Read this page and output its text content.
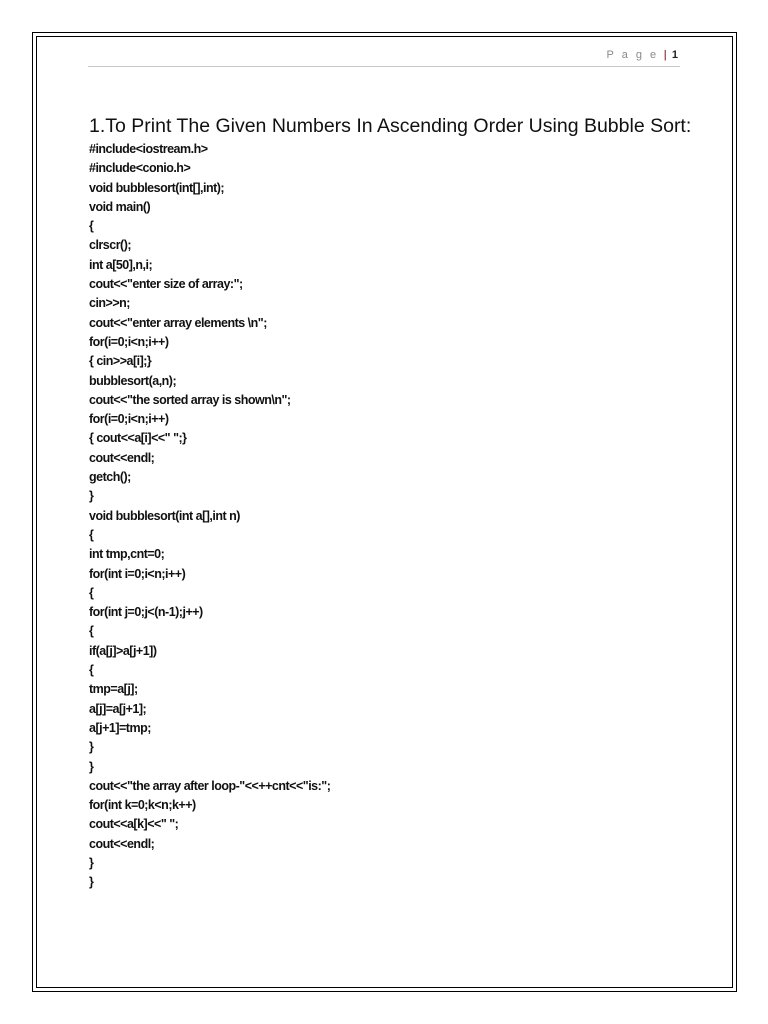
P a g e | 1
1.To Print The Given Numbers In Ascending Order Using Bubble Sort:
#include<iostream.h>
#include<conio.h>
void bubblesort(int[],int);
void main()
{
clrscr();
int a[50],n,i;
cout<<"enter size of array:";
cin>>n;
cout<<"enter array elements \n";
for(i=0;i<n;i++)
{ cin>>a[i];}
bubblesort(a,n);
cout<<"the sorted array is shown\n";
for(i=0;i<n;i++)
{ cout<<a[i]<<" ";}
cout<<endl;
getch();
}
void bubblesort(int a[],int n)
{
int tmp,cnt=0;
for(int i=0;i<n;i++)
{
for(int j=0;j<(n-1);j++)
{
if(a[j]>a[j+1])
{
tmp=a[j];
a[j]=a[j+1];
a[j+1]=tmp;
}
}
cout<<"the array after loop-"<<++cnt<<"is:";
for(int k=0;k<n;k++)
cout<<a[k]<<" ";
cout<<endl;
}
}
